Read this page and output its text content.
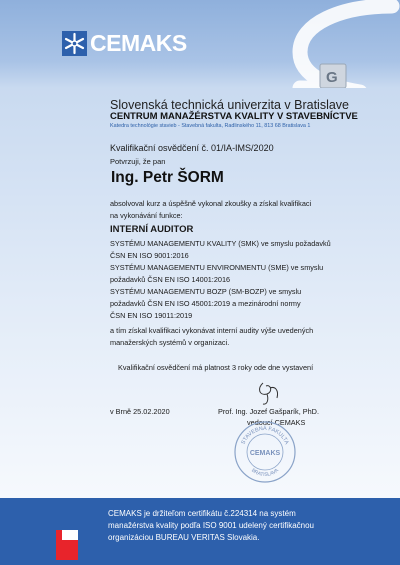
G
CEMAKS
Slovenská technická univerzita v Bratislave
CENTRUM MANAŽÉRSTVA KVALITY V STAVEBNÍCTVE
Katedra technológie stavieb - Stavebná fakulta, Radlinského 11, 813 68 Bratislava 1
Kvalifikační osvědčení č. 01/IA-IMS/2020
Potvrzuji, že pan
Ing. Petr ŠORM
absolvoval kurz a úspěšně vykonal zkoušky a získal kvalifikaci
na vykonávání funkce:
INTERNÍ AUDITOR
SYSTÉMU MANAGEMENTU KVALITY (SMK) ve smyslu požadavků
ČSN EN ISO 9001:2016
SYSTÉMU MANAGEMENTU ENVIRONMENTU (SME) ve smyslu
požadavků ČSN EN ISO 14001:2016
SYSTÉMU MANAGEMENTU BOZP (SM-BOZP) ve smyslu
požadavků ČSN EN ISO 45001:2019 a mezinárodní normy
ČSN EN ISO 19011:2019
a tím získal kvalifikaci vykonávat interní audity výše uvedených
manažerských systémů v organizaci.
Kvalifikační osvědčení má platnost 3 roky ode dne vystavení
v Brně 25.02.2020	Prof. Ing. Jozef Gašparík, PhD.
vedoucí CEMAKS
STAVEBNÁ FAKULTA
CEMAKS
BRATISLAVA
CEMAKS je držiteľom certifikátu č.224314 na systém
manažérstva kvality podľa ISO 9001 udelený certifikačnou
organizáciou BUREAU VERITAS Slovakia.
